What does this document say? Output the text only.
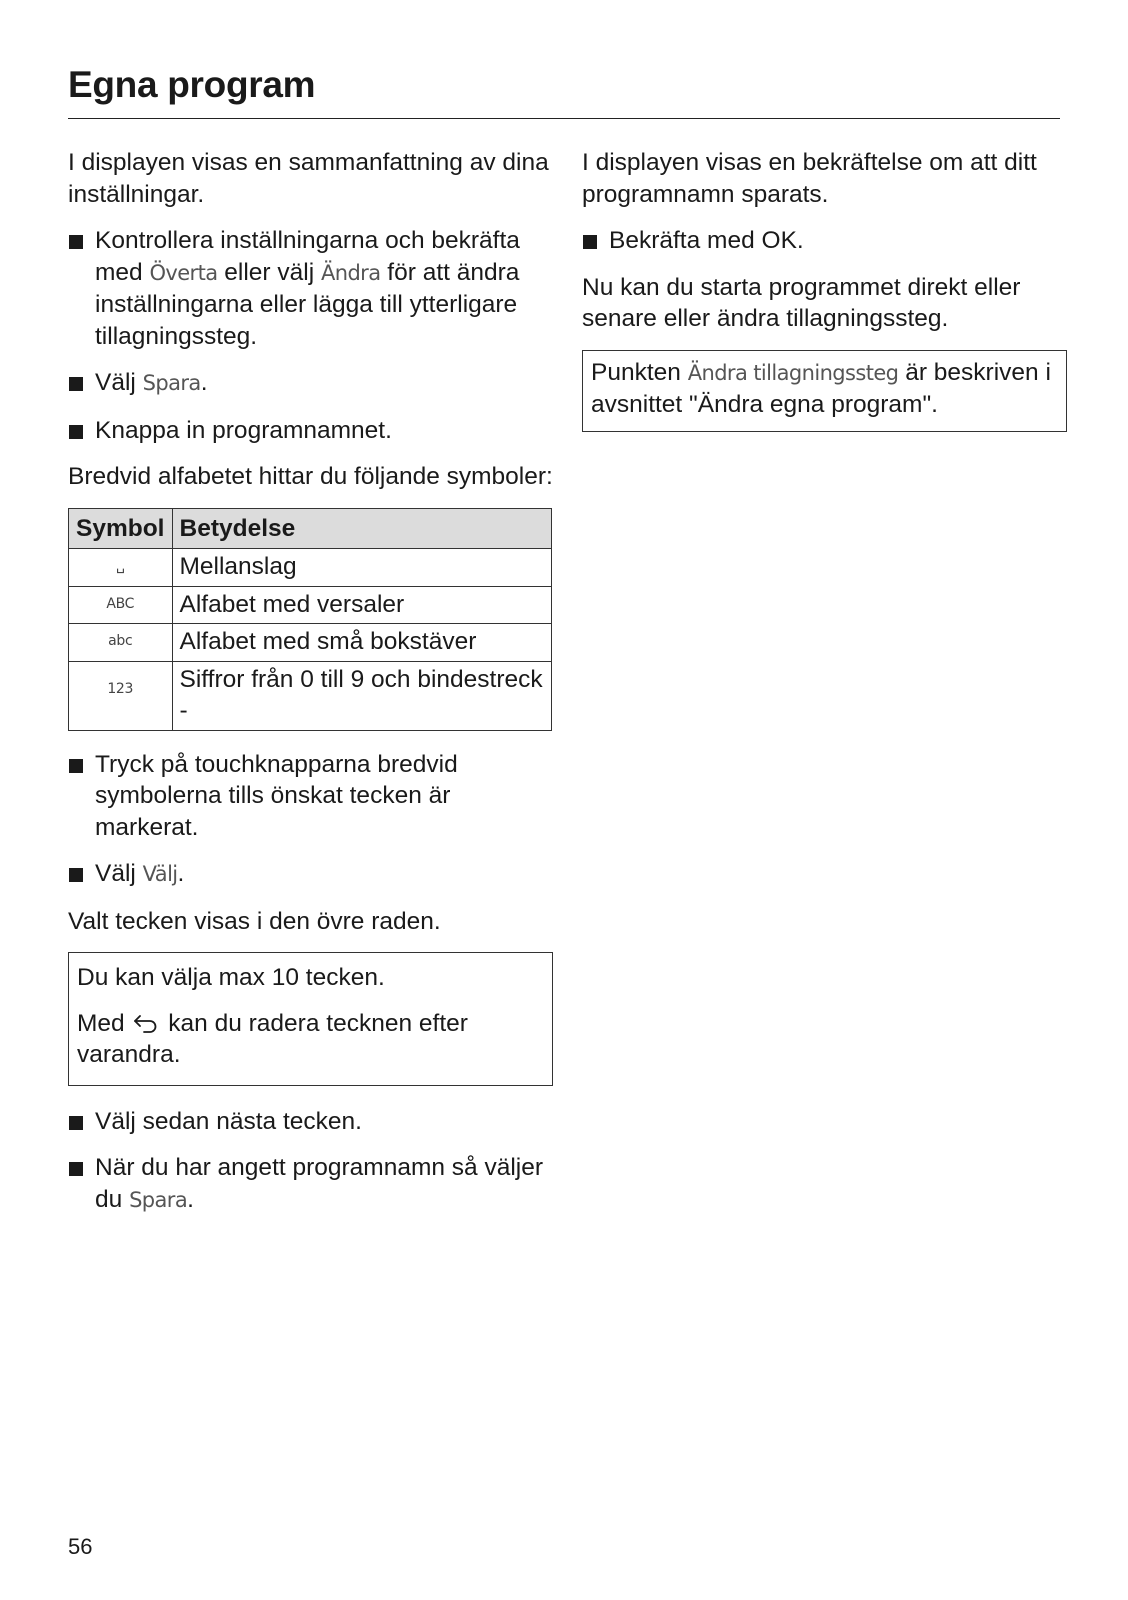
Egna program

I displayen visas en sammanfattning av dina inställningar.

Kontrollera inställningarna och bekräfta med Överta eller välj Ändra för att ändra inställningarna eller lägga till ytterligare tillagningssteg.
Välj Spara.
Knappa in programnamnet.

Bredvid alfabetet hittar du följande symboler:

Symbol	Betydelse
␣	Mellanslag
ABC	Alfabet med versaler
abc	Alfabet med små bokstäver
123	Siffror från 0 till 9 och bindestreck -
Tryck på touchknapparna bredvid symbolerna tills önskat tecken är markerat.
Välj Välj.

Valt tecken visas i den övre raden.

Du kan välja max 10 tecken.

Med  kan du radera tecknen efter varandra.

Välj sedan nästa tecken.
När du har angett programnamn så väljer du Spara.

I displayen visas en bekräftelse om att ditt programnamn sparats.

Bekräfta med OK.

Nu kan du starta programmet direkt eller senare eller ändra tillagningssteg.

Punkten Ändra tillagningssteg är beskriven i avsnittet "Ändra egna program".

56
